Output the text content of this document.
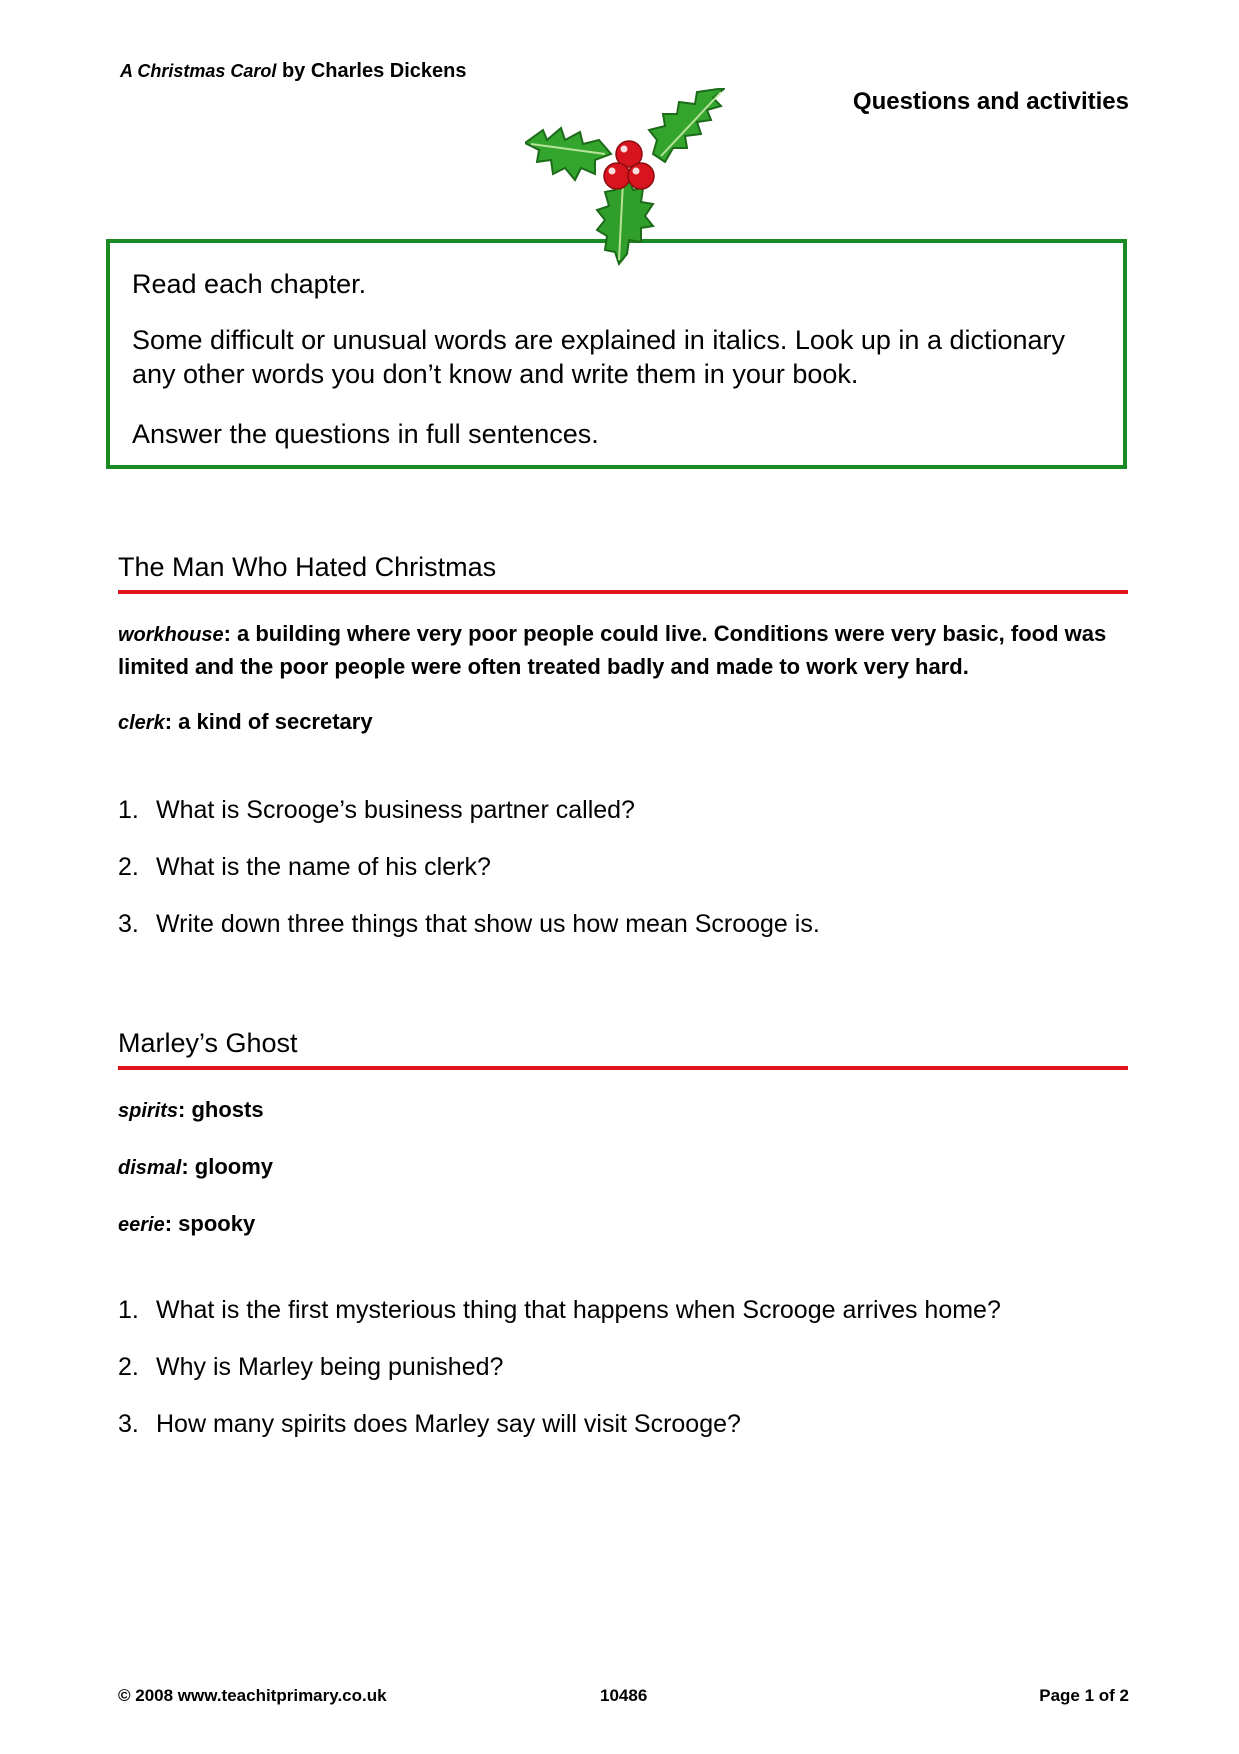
A Christmas Carol by Charles Dickens
Questions and activities
Read each chapter.
Some difficult or unusual words are explained in italics. Look up in a dictionary any other words you don’t know and write them in your book.
Answer the questions in full sentences.
The Man Who Hated Christmas
workhouse: a building where very poor people could live. Conditions were very basic, food was limited and the poor people were often treated badly and made to work very hard.
clerk: a kind of secretary
1. What is Scrooge’s business partner called?
2. What is the name of his clerk?
3. Write down three things that show us how mean Scrooge is.
Marley’s Ghost
spirits: ghosts
dismal: gloomy
eerie: spooky
1. What is the first mysterious thing that happens when Scrooge arrives home?
2. Why is Marley being punished?
3. How many spirits does Marley say will visit Scrooge?
© 2008 www.teachitprimary.co.uk	10486	Page 1 of 2
